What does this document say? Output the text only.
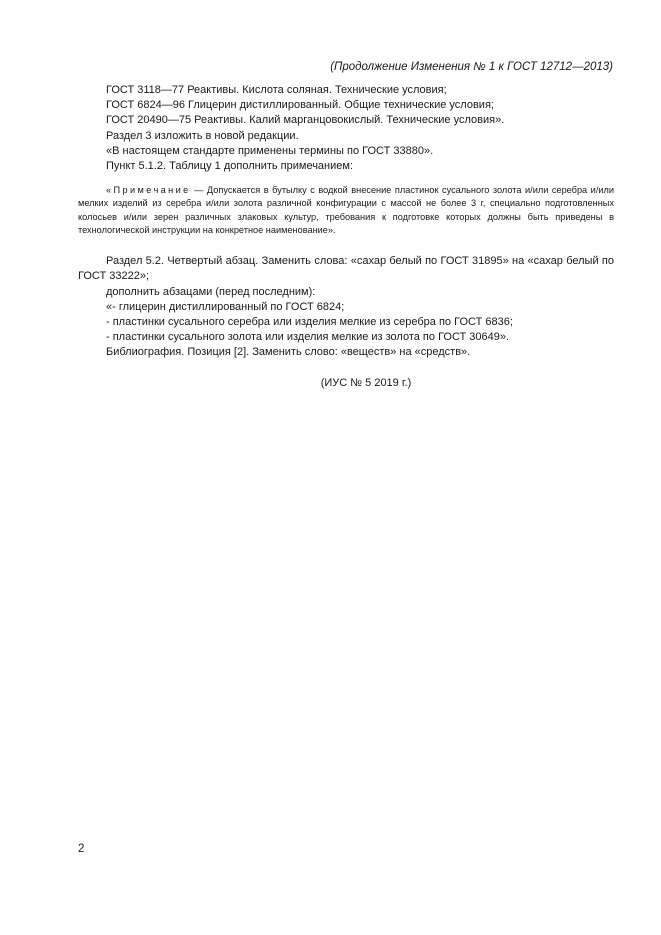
(Продолжение Изменения № 1 к ГОСТ 12712—2013)

ГОСТ 3118—77 Реактивы. Кислота соляная. Технические условия;

ГОСТ 6824—96 Глицерин дистиллированный. Общие технические условия;

ГОСТ 20490—75 Реактивы. Калий марганцовокислый. Технические условия».

Раздел 3 изложить в новой редакции.

«В настоящем стандарте применены термины по ГОСТ 33880».

Пункт 5.1.2. Таблицу 1 дополнить примечанием:

«Примечание — Допускается в бутылку с водкой внесение пластинок сусального золота и/или серебра и/или мелких изделий из серебра и/или золота различной конфигурации с массой не более 3 г, специально подготовленных колосьев и/или зерен различных злаковых культур, требования к подготовке которых должны быть приведены в технологической инструкции на конкретное наименование».

Раздел 5.2. Четвертый абзац. Заменить слова: «сахар белый по ГОСТ 31895» на «сахар белый по ГОСТ 33222»;

дополнить абзацами (перед последним):

«- глицерин дистиллированный по ГОСТ 6824;

- пластинки сусального серебра или изделия мелкие из серебра по ГОСТ 6836;

- пластинки сусального золота или изделия мелкие из золота по ГОСТ 30649».

Библиография. Позиция [2]. Заменить слово: «веществ» на «средств».

(ИУС № 5 2019 г.)
2
